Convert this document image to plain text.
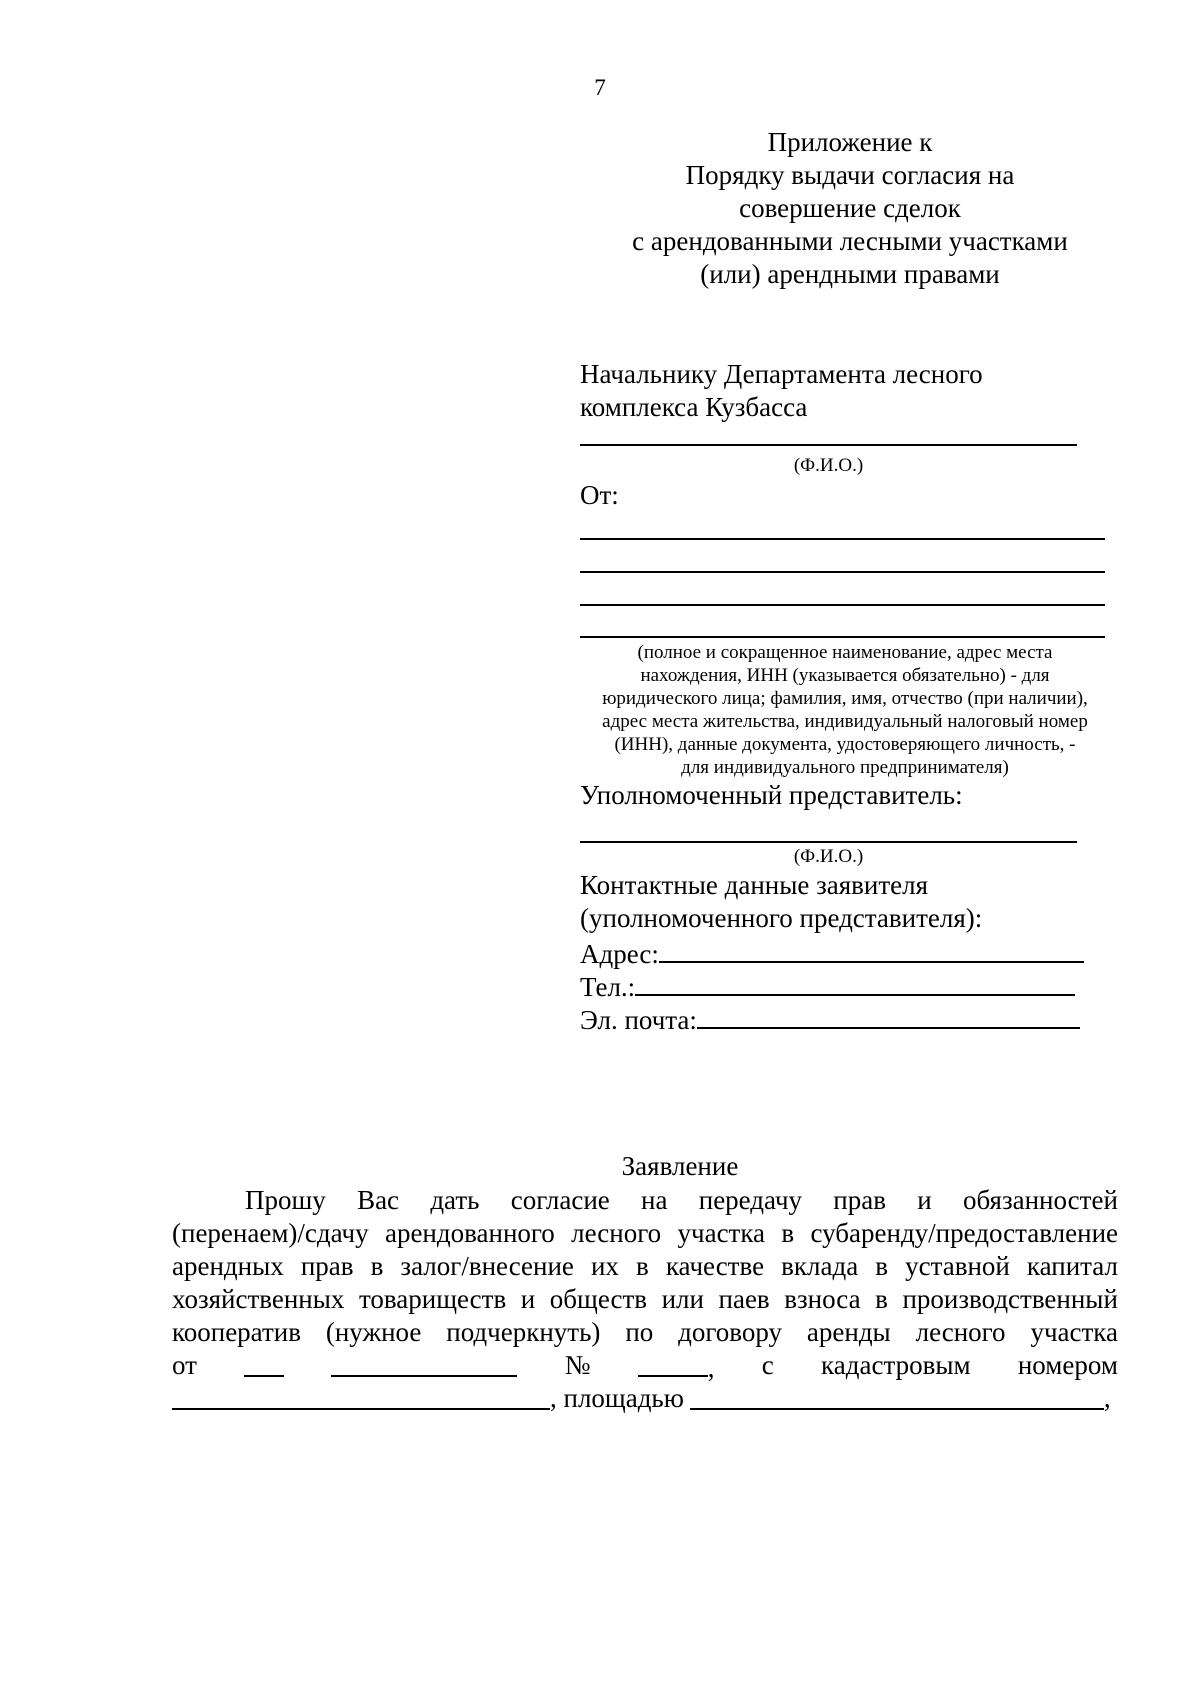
7
Приложение к
Порядку выдачи согласия на
совершение сделок
с арендованными лесными участками
(или) арендными правами
Начальнику Департамента лесного
комплекса Кузбасса
(Ф.И.О.)
От:
(полное и сокращенное наименование, адрес места
нахождения, ИНН (указывается обязательно) - для
юридического лица; фамилия, имя, отчество (при наличии),
адрес места жительства, индивидуальный налоговый номер
(ИНН), данные документа, удостоверяющего личность, -
для индивидуального предпринимателя)
Уполномоченный представитель:
(Ф.И.О.)
Контактные данные заявителя
(уполномоченного представителя):
Адрес:
Тел.:
Эл. почта:
Заявление
Прошу Вас дать согласие на передачу прав и обязанностей
(перенаем)/сдачу арендованного лесного участка в субаренду/предоставление
арендных прав в залог/внесение их в качестве вклада в уставной капитал
хозяйственных товариществ и обществ или паев взноса в производственный
кооператив (нужное подчеркнуть) по договору аренды лесного участка
от	№	, с кадастровым номером
, площадью	,
